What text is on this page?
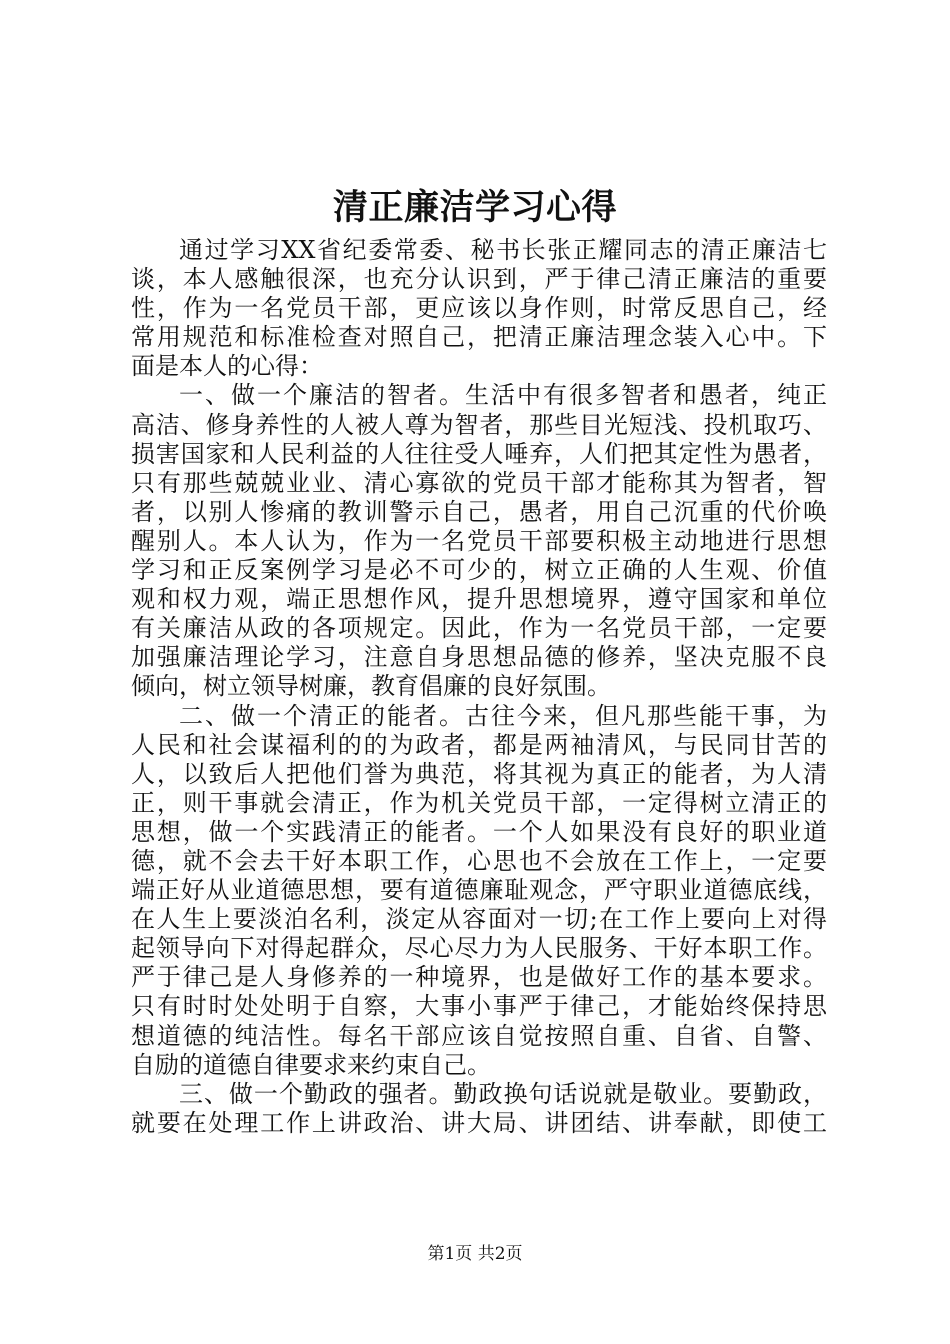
清正廉洁学习心得
通过学习XX省纪委常委、秘书长张正耀同志的清正廉洁七
谈，本人感触很深，也充分认识到，严于律己清正廉洁的重要
性，作为一名党员干部，更应该以身作则，时常反思自己，经
常用规范和标准检查对照自己，把清正廉洁理念装入心中。下
面是本人的心得：
一、做一个廉洁的智者。生活中有很多智者和愚者，纯正
高洁、修身养性的人被人尊为智者，那些目光短浅、投机取巧、
损害国家和人民利益的人往往受人唾弃，人们把其定性为愚者，
只有那些兢兢业业、清心寡欲的党员干部才能称其为智者，智
者，以别人惨痛的教训警示自己，愚者，用自己沉重的代价唤
醒别人。本人认为，作为一名党员干部要积极主动地进行思想
学习和正反案例学习是必不可少的，树立正确的人生观、价值
观和权力观，端正思想作风，提升思想境界，遵守国家和单位
有关廉洁从政的各项规定。因此，作为一名党员干部，一定要
加强廉洁理论学习，注意自身思想品德的修养，坚决克服不良
倾向，树立领导树廉，教育倡廉的良好氛围。
二、做一个清正的能者。古往今来，但凡那些能干事，为
人民和社会谋福利的的为政者，都是两袖清风，与民同甘苦的
人，以致后人把他们誉为典范，将其视为真正的能者，为人清
正，则干事就会清正，作为机关党员干部，一定得树立清正的
思想，做一个实践清正的能者。一个人如果没有良好的职业道
德，就不会去干好本职工作，心思也不会放在工作上，一定要
端正好从业道德思想，要有道德廉耻观念，严守职业道德底线，
在人生上要淡泊名利，淡定从容面对一切;在工作上要向上对得
起领导向下对得起群众，尽心尽力为人民服务、干好本职工作。
严于律己是人身修养的一种境界，也是做好工作的基本要求。
只有时时处处明于自察，大事小事严于律己，才能始终保持思
想道德的纯洁性。每名干部应该自觉按照自重、自省、自警、
自励的道德自律要求来约束自己。
三、做一个勤政的强者。勤政换句话说就是敬业。要勤政，
就要在处理工作上讲政治、讲大局、讲团结、讲奉献，即使工
第1页 共2页
